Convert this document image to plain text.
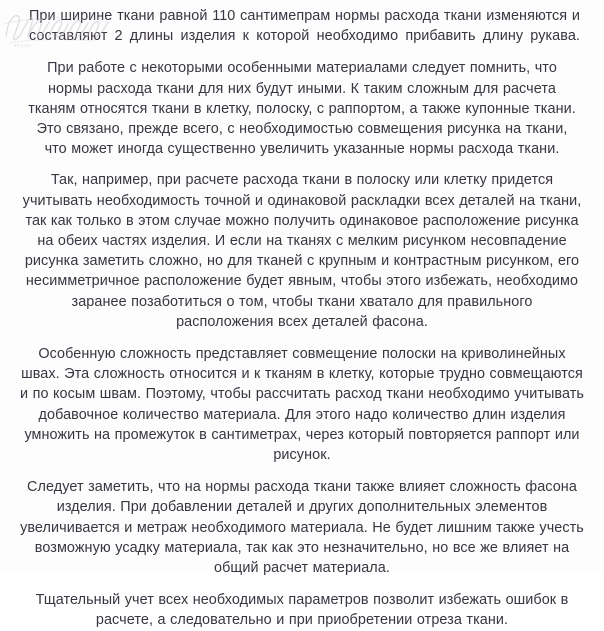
sh.com

При ширине ткани равной 110 сантимепрам нормы расхода ткани изменяются и составляют 2 длины изделия к которой необходимо прибавить длину рукава.

При работе с некоторыми особенными материалами следует помнить, что нормы расхода ткани для них будут иными. К таким сложным для расчета тканям относятся ткани в клетку, полоску, с раппортом, а также купонные ткани. Это связано, прежде всего, с необходимостью совмещения рисунка на ткани, что может иногда существенно увеличить указанные нормы расхода ткани.

Так, например, при расчете расхода ткани в полоску или клетку придется учитывать необходимость точной и одинаковой раскладки всех деталей на ткани, так как только в этом случае можно получить одинаковое расположение рисунка на обеих частях изделия. И если на тканях с мелким рисунком несовпадение рисунка заметить сложно, но для тканей с крупным и контрастным рисунком, его несимметричное расположение будет явным, чтобы этого избежать, необходимо заранее позаботиться о том, чтобы ткани хватало для правильного расположения всех деталей фасона.

Особенную сложность представляет совмещение полоски на криволинейных швах. Эта сложность относится и к тканям в клетку, которые трудно совмещаются и по косым швам. Поэтому, чтобы рассчитать расход ткани необходимо учитывать добавочное количество материала. Для этого надо количество длин изделия умножить на промежуток в сантиметрах, через который повторяется раппорт или рисунок.

Следует заметить, что на нормы расхода ткани также влияет сложность фасона изделия. При добавлении деталей и других дополнительных элементов увеличивается и метраж необходимого материала. Не будет лишним также учесть возможную усадку материала, так как это незначительно, но все же влияет на общий расчет материала.

Тщательный учет всех необходимых параметров позволит избежать ошибок в расчете, а следовательно и при приобретении отреза ткани.
